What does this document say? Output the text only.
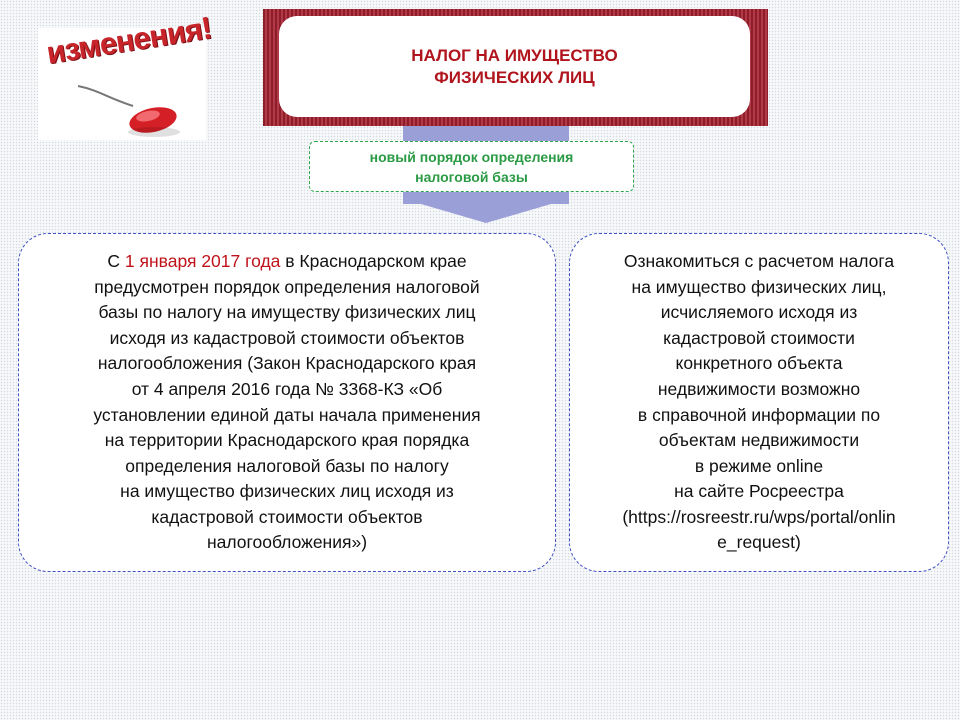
изменения!	НАЛОГ НА ИМУЩЕСТВО
ФИЗИЧЕСКИХ ЛИЦ
новый порядок определения
налоговой базы
С 1 января 2017 года в Краснодарском крае
предусмотрен порядок определения налоговой
базы по налогу на имуществу физических лиц
исходя из кадастровой стоимости объектов
налогообложения (Закон Краснодарского края
от 4 апреля 2016 года № 3368-КЗ «Об
установлении единой даты начала применения
на территории Краснодарского края порядка
определения налоговой базы по налогу
на имущество физических лиц исходя из
кадастровой стоимости объектов
налогообложения»)
Ознакомиться с расчетом налога
на имущество физических лиц,
исчисляемого исходя из
кадастровой стоимости
конкретного объекта
недвижимости возможно
в справочной информации по
объектам недвижимости
в режиме online
на сайте Росреестра
(https://rosreestr.ru/wps/portal/onlin
e_request)
